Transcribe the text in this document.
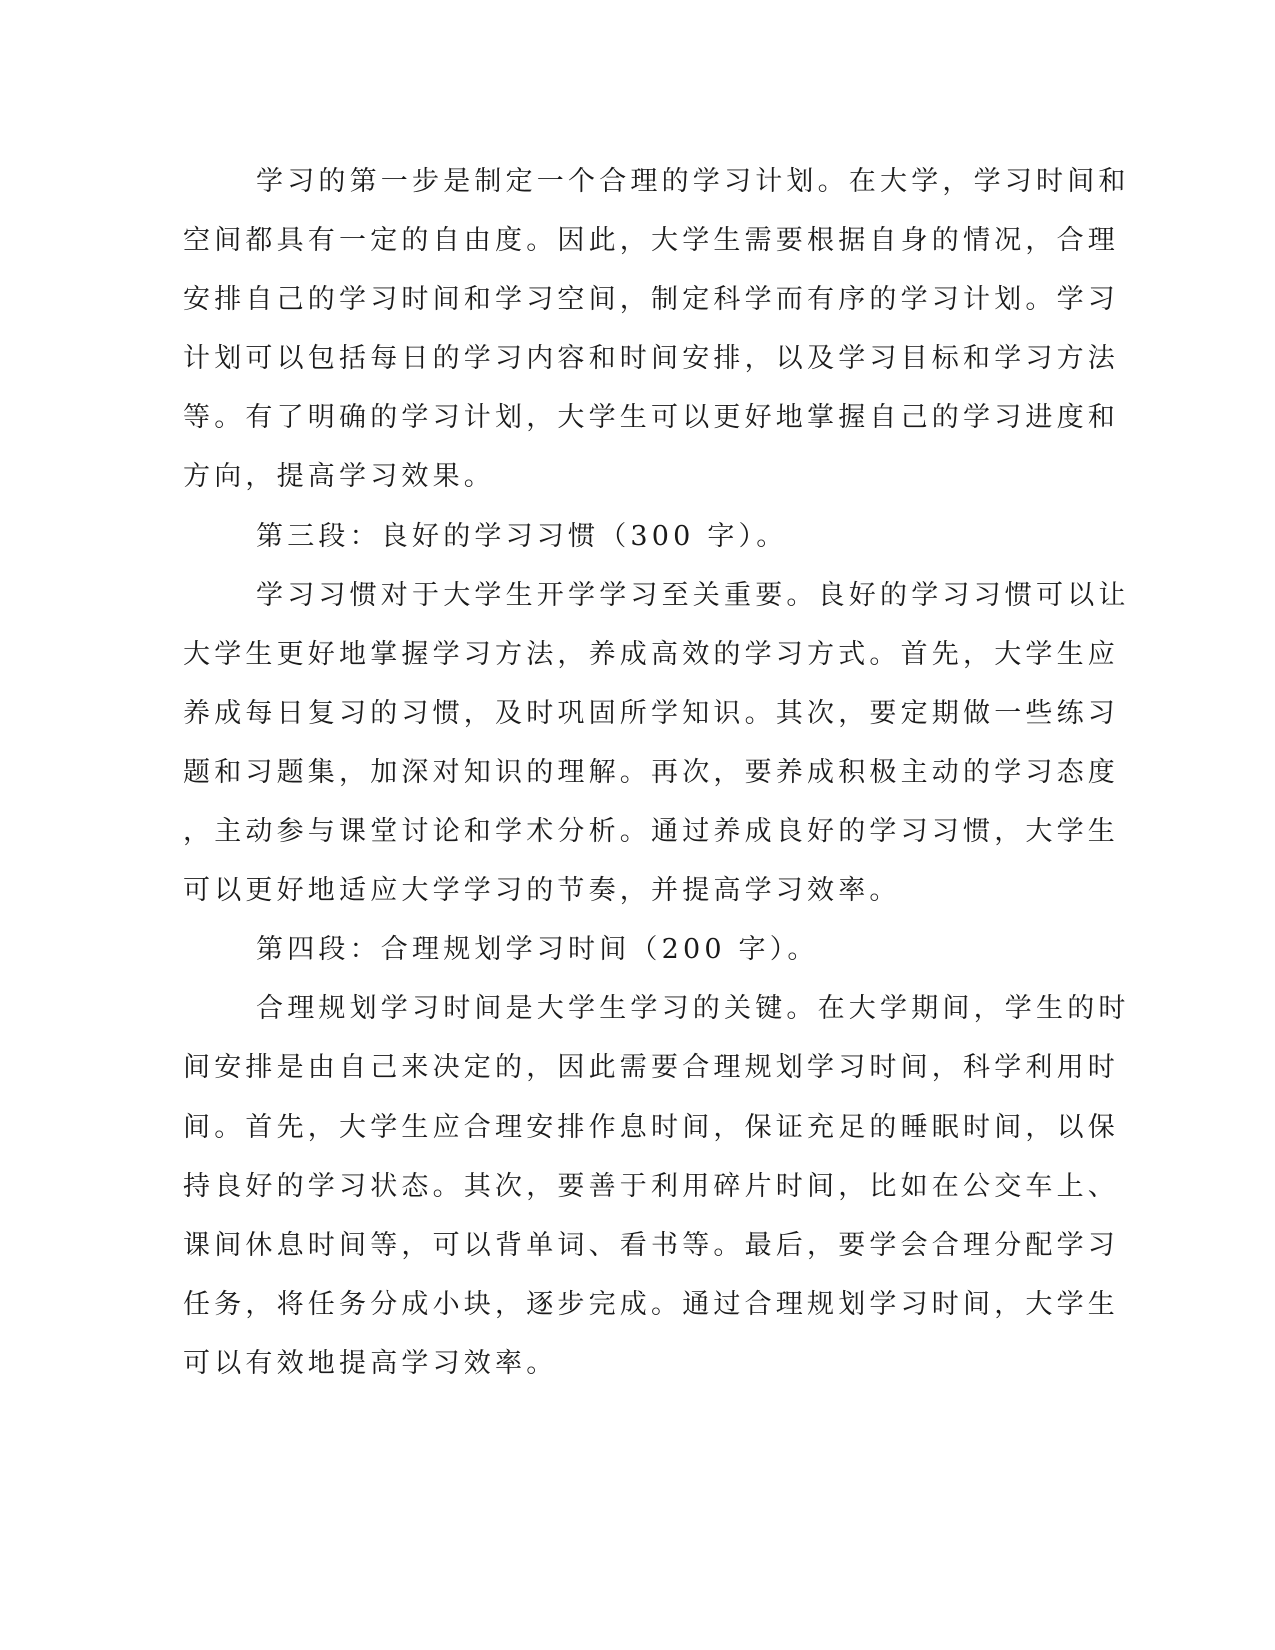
学习的第一步是制定一个合理的学习计划。在大学，学习时间和
空间都具有一定的自由度。因此，大学生需要根据自身的情况，合理
安排自己的学习时间和学习空间，制定科学而有序的学习计划。学习
计划可以包括每日的学习内容和时间安排，以及学习目标和学习方法
等。有了明确的学习计划，大学生可以更好地掌握自己的学习进度和
方向，提高学习效果。
第三段：良好的学习习惯（300 字）。
学习习惯对于大学生开学学习至关重要。良好的学习习惯可以让
大学生更好地掌握学习方法，养成高效的学习方式。首先，大学生应
养成每日复习的习惯，及时巩固所学知识。其次，要定期做一些练习
题和习题集，加深对知识的理解。再次，要养成积极主动的学习态度
，主动参与课堂讨论和学术分析。通过养成良好的学习习惯，大学生
可以更好地适应大学学习的节奏，并提高学习效率。
第四段：合理规划学习时间（200 字）。
合理规划学习时间是大学生学习的关键。在大学期间，学生的时
间安排是由自己来决定的，因此需要合理规划学习时间，科学利用时
间。首先，大学生应合理安排作息时间，保证充足的睡眠时间，以保
持良好的学习状态。其次，要善于利用碎片时间，比如在公交车上、
课间休息时间等，可以背单词、看书等。最后，要学会合理分配学习
任务，将任务分成小块，逐步完成。通过合理规划学习时间，大学生
可以有效地提高学习效率。
